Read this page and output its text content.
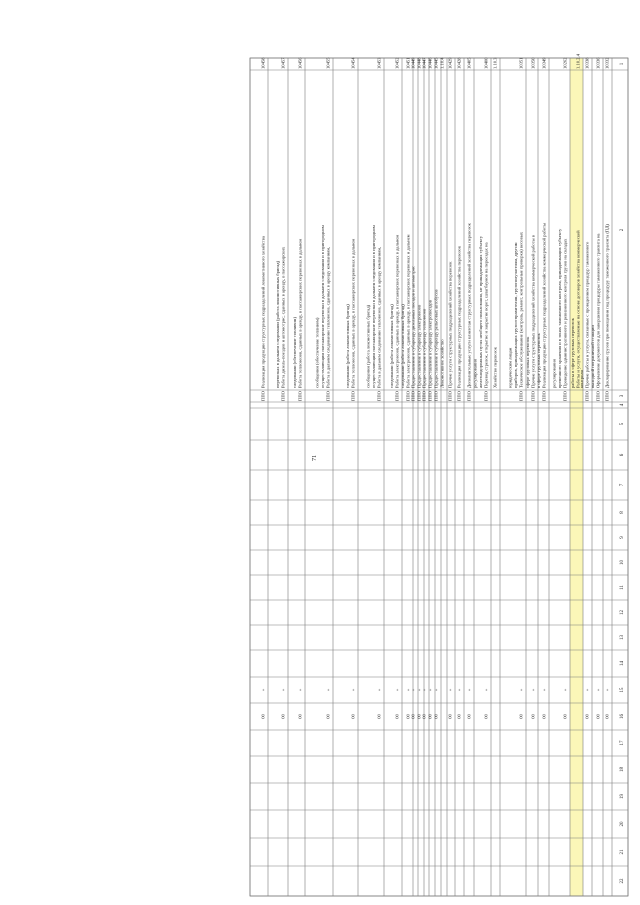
71
1
2
3
4
5
6
7
8
9
10
11
12
13
14
15
16
17
18
19
20
21
22
10332
Декларирование грузов при помещении под процедуру таможенного транзита (ПД)
ППО
+
00
10336
Оформление документов для завершения процедуры таможенного транзита на
выходной пограничной станции
ППО
+
00
10338
Прочие работы и услуги, связанные с проведением процедур таможенного
контроля
ППО
+
00
1.10.2.4
Работы и услуги, осуществляемые на основе договоров хозяйства коммерческой
работы в сфере грузовых перевозок
10262
Проведение административного и ревизионного контроля грузов на складах
временного хранения и в зонах таможенного контроля, принадлежащих субъекту
регулирования
ППО
+
00
10349
Реализация продукции структурных подразделений хозяйства коммерческой работы
в сфере грузовых перевозок
ППО
+
00
10350
Прочие услуги структурных подразделений хозяйства коммерческой работы в
сфере грузовых перевозок
ППО
+
00
10351
Техническое обслуживание (контроль, ремонт, контрольные проверки) весовых
приборов, принадлежащих грузоотправителям, грузополучателям, другим
юридическим лицам
ППО
+
00
1.10.3
Хозяйство перевозок
10400
Перевод стрелок, открытие и закрытие ворот, шлагбаумов на переездах на
железнодорожных путях необщего пользования, не принадлежащих субъекту
регулирования
ППО
+
00
10405
Дополнительные услуги клиентам структурных подразделений хозяйства перевозок
ППО
+
00
10428
Реализация продукции структурных подразделений хозяйства перевозок
ППО
+
00
10429
Прочие услуги структурных подразделений хозяйства перевозок
ППО
+
00
1.10.4
Локомотивное хозяйство
10445
Предоставление в субаренду рельсовых автобусов
ППО
+
00
10446
Предоставление в субаренду электропоездов
ППО
+
00
10447
Предоставление в субаренду тепловозов
ППО
+
00
10448
Предоставление в субаренду электровозов
ППО
+
00
10449
Предоставление в субаренду дизельных поездов и автомотрис
ППО
+
00
10451
Работа электровозов, сданных в аренду, в пассажирских перевозках и дальнем
следовании (работа локомотивных бригад)
ППО
+
00
10452
Работа электровозов, сданных в аренду, в пассажирских перевозках в дальнем
следовании (работа локомотивных бригад)
ППО
+
00
10453
Работа в дальнем следовании тепловозов, сданных в аренду компаниям,
осуществляющим пассажирские перевозки в дальнем следовании и в пригородном
сообщении (работа локомотивных бригад)
ППО
+
00
10454
Работа тепловозов, сданных в аренду, в пассажирских перевозках в дальнем
следовании (работа локомотивных бригад)
ППО
+
00
10455
Работа в дальнем следовании тепловозов, сданных в аренду компаниям,
осуществляющим пассажирские перевозки в дальнем следовании и в пригородном
сообщении (обеспечение топливом)
ППО
+
00
10456
Работа тепловозов, сданных в аренду, в пассажирских перевозках в дальнем
следовании (обеспечение топливом)
ППО
+
00
10457
Работа дизель-поездов и автомотрис, сданных в аренду, в пассажирских
перевозках в дальнем следовании (работа локомотивных бригад)
ППО
+
00
10458
Реализация продукции структурных подразделений локомотивного хозяйства
ППО
+
00
